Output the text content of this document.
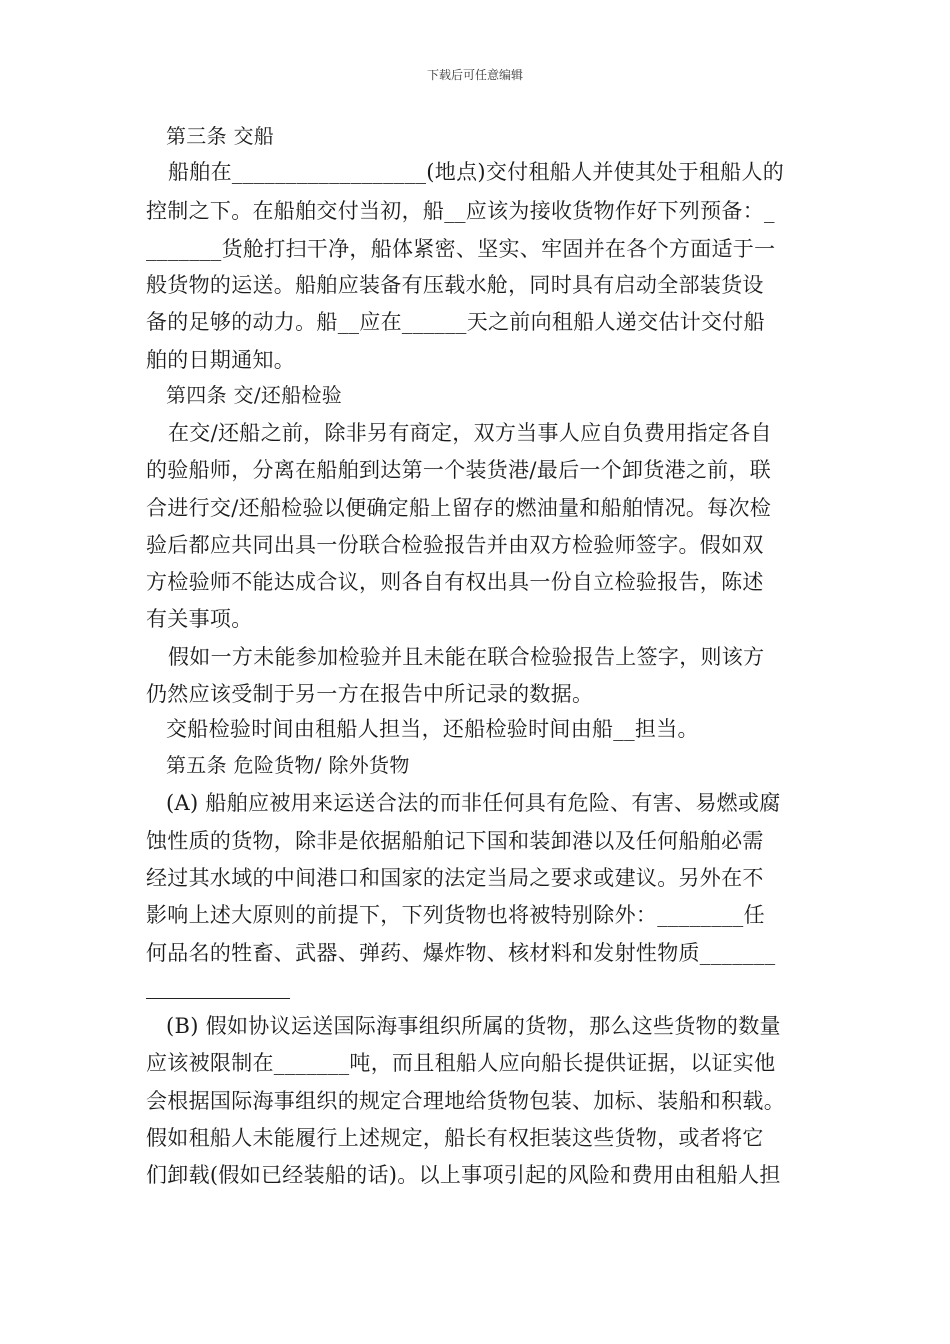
下载后可任意编辑
第三条 交船
船舶在__________________(地点)交付租船人并使其处于租船人的
控制之下。在船舶交付当初，船__应该为接收货物作好下列预备：_
_______货舱打扫干净，船体紧密、坚实、牢固并在各个方面适于一
般货物的运送。船舶应装备有压载水舱，同时具有启动全部装货设
备的足够的动力。船__应在______天之前向租船人递交估计交付船
舶的日期通知。
第四条 交/还船检验
在交/还船之前，除非另有商定，双方当事人应自负费用指定各自
的验船师，分离在船舶到达第一个装货港/最后一个卸货港之前，联
合进行交/还船检验以便确定船上留存的燃油量和船舶情况。每次检
验后都应共同出具一份联合检验报告并由双方检验师签字。假如双
方检验师不能达成合议，则各自有权出具一份自立检验报告，陈述
有关事项。
假如一方未能参加检验并且未能在联合检验报告上签字，则该方
仍然应该受制于另一方在报告中所记录的数据。
交船检验时间由租船人担当，还船检验时间由船__担当。
第五条 危险货物/ 除外货物
(A) 船舶应被用来运送合法的而非任何具有危险、有害、易燃或腐
蚀性质的货物，除非是依据船舶记下国和装卸港以及任何船舶必需
经过其水域的中间港口和国家的法定当局之要求或建议。另外在不
影响上述大原则的前提下，下列货物也将被特别除外：________任
何品名的牲畜、武器、弹药、爆炸物、核材料和发射性物质_______
(B) 假如协议运送国际海事组织所属的货物，那么这些货物的数量
应该被限制在_______吨，而且租船人应向船长提供证据，以证实他
会根据国际海事组织的规定合理地给货物包装、加标、装船和积载。
假如租船人未能履行上述规定，船长有权拒装这些货物，或者将它
们卸载(假如已经装船的话)。以上事项引起的风险和费用由租船人担
